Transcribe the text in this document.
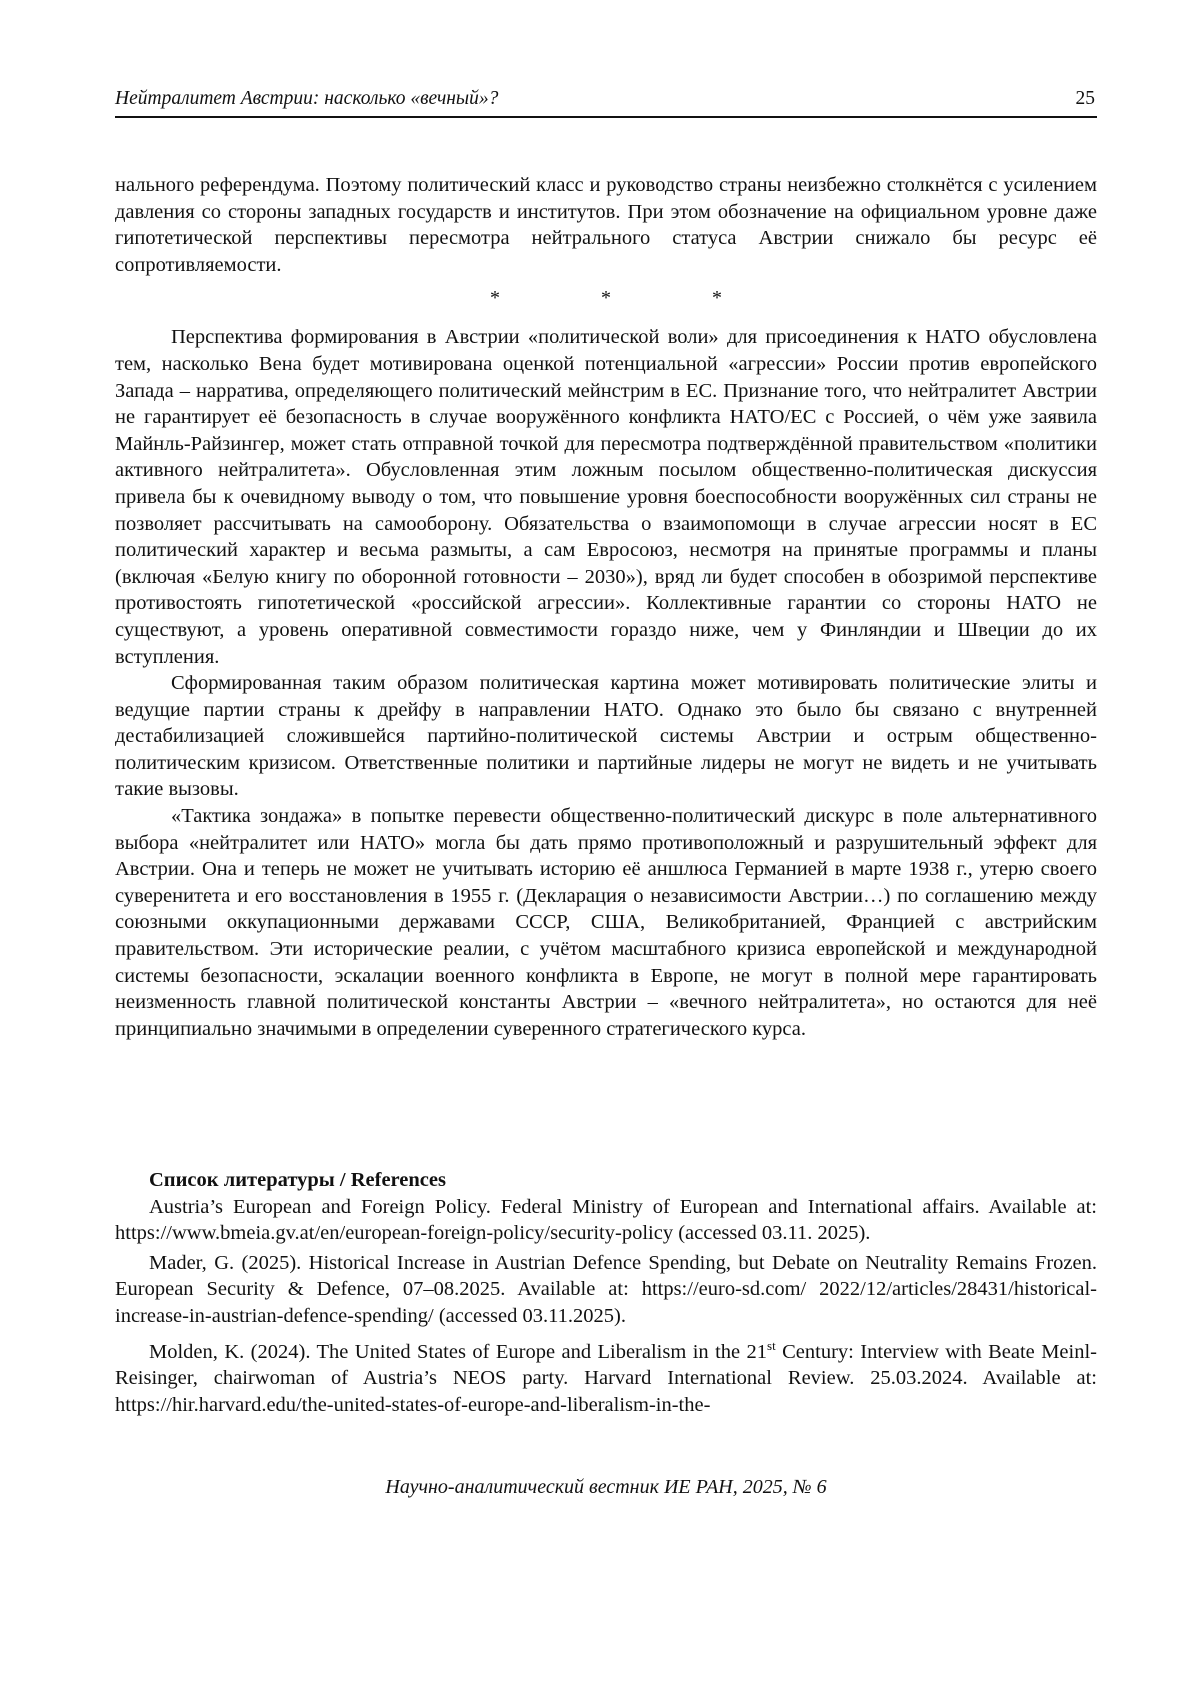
Нейтралитет Австрии: насколько «вечный»?	25

нального референдума. Поэтому политический класс и руководство страны неизбежно столкнётся с усилением давления со стороны западных государств и институтов. При этом обозначение на официальном уровне даже гипотетической перспективы пересмотра нейтрального статуса Австрии снижало бы ресурс её сопротивляемости.

* * *

Перспектива формирования в Австрии «политической воли» для присоединения к НАТО обусловлена тем, насколько Вена будет мотивирована оценкой потенциальной «агрессии» России против европейского Запада – нарратива, определяющего политический мейнстрим в ЕС. Признание того, что нейтралитет Австрии не гарантирует её безопасность в случае вооружённого конфликта НАТО/ЕС с Россией, о чём уже заявила Майнль-Райзингер, может стать отправной точкой для пересмотра подтверждённой правительством «политики активного нейтралитета». Обусловленная этим ложным посылом общественно-политическая дискуссия привела бы к очевидному выводу о том, что повышение уровня боеспособности вооружённых сил страны не позволяет рассчитывать на самооборону. Обязательства о взаимопомощи в случае агрессии носят в ЕС политический характер и весьма размыты, а сам Евросоюз, несмотря на принятые программы и планы (включая «Белую книгу по оборонной готовности – 2030»), вряд ли будет способен в обозримой перспективе противостоять гипотетической «российской агрессии». Коллективные гарантии со стороны НАТО не существуют, а уровень оперативной совместимости гораздо ниже, чем у Финляндии и Швеции до их вступления.

Сформированная таким образом политическая картина может мотивировать политические элиты и ведущие партии страны к дрейфу в направлении НАТО. Однако это было бы связано с внутренней дестабилизацией сложившейся партийно-политической системы Австрии и острым общественно-политическим кризисом. Ответственные политики и партийные лидеры не могут не видеть и не учитывать такие вызовы.

«Тактика зондажа» в попытке перевести общественно-политический дискурс в поле альтернативного выбора «нейтралитет или НАТО» могла бы дать прямо противоположный и разрушительный эффект для Австрии. Она и теперь не может не учитывать историю её аншлюса Германией в марте 1938 г., утерю своего суверенитета и его восстановления в 1955 г. (Декларация о независимости Австрии…) по соглашению между союзными оккупационными державами СССР, США, Великобританией, Францией с австрийским правительством. Эти исторические реалии, с учётом масштабного кризиса европейской и международной системы безопасности, эскалации военного конфликта в Европе, не могут в полной мере гарантировать неизменность главной политической константы Австрии – «вечного нейтралитета», но остаются для неё принципиально значимыми в определении суверенного стратегического курса.

Список литературы / References

Austria’s European and Foreign Policy. Federal Ministry of European and International affairs. Available at: https://www.bmeia.gv.at/en/european-foreign-policy/security-policy (accessed 03.11. 2025).

Mader, G. (2025). Historical Increase in Austrian Defence Spending, but Debate on Neutrality Remains Frozen. European Security & Defence, 07–08.2025. Available at: https://euro-sd.com/ 2022/12/articles/28431/historical-increase-in-austrian-defence-spending/ (accessed 03.11.2025).

Molden, K. (2024). The United States of Europe and Liberalism in the 21st Century: Interview with Beate Meinl-Reisinger, chairwoman of Austria’s NEOS party. Harvard International Review. 25.03.2024. Available at: https://hir.harvard.edu/the-united-states-of-europe-and-liberalism-in-the-

Научно-аналитический вестник ИЕ РАН, 2025, № 6
